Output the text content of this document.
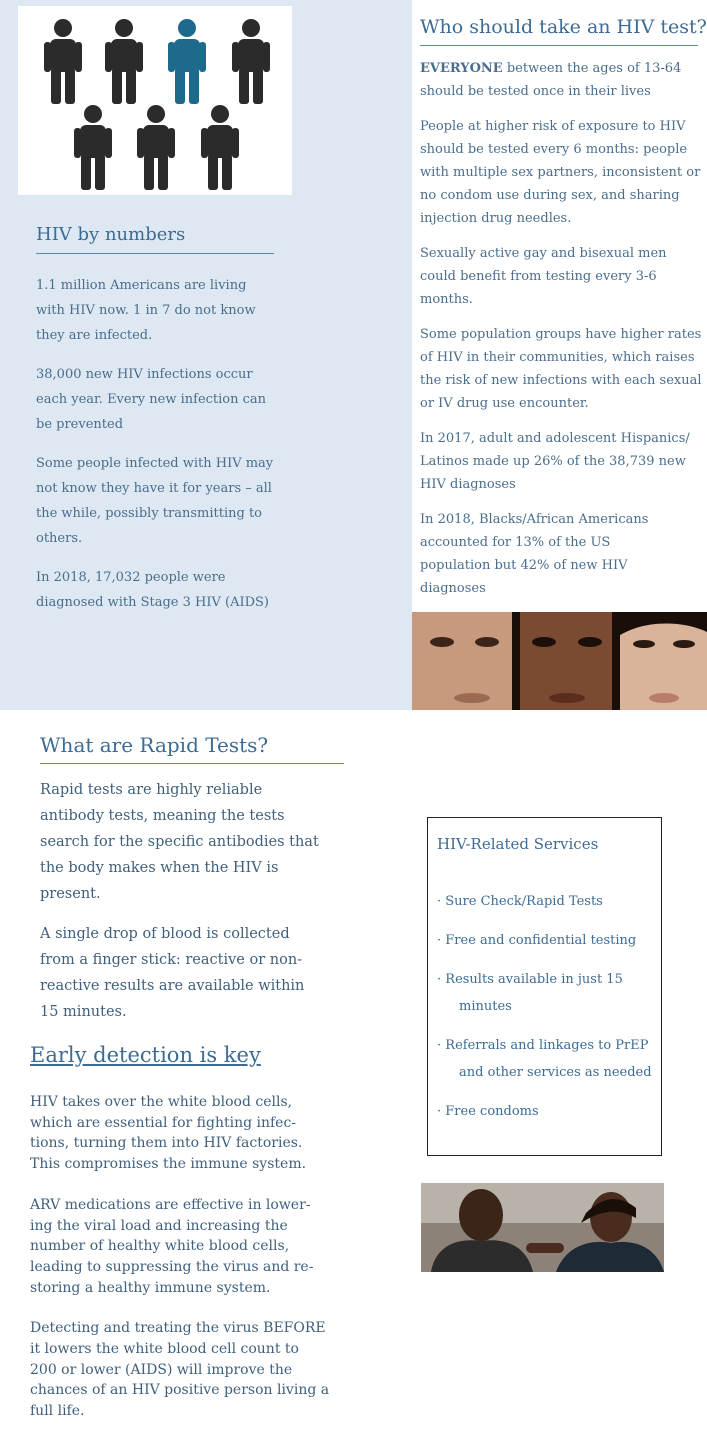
HIV by numbers
1.1 million Americans are living
with HIV now. 1 in 7 do not know
they are infected.
38,000 new HIV infections occur
each year. Every new infection can
be prevented
Some people infected with HIV may
not know they have it for years – all
the while, possibly transmitting to
others.
In 2018, 17,032 people were
diagnosed with Stage 3 HIV (AIDS)
Who should take an HIV test?
EVERYONE between the ages of 13-64
should be tested once in their lives
People at higher risk of exposure to HIV
should be tested every 6 months: people
with multiple sex partners, inconsistent or
no condom use during sex, and sharing
injection drug needles.
Sexually active gay and bisexual men
could benefit from testing every 3-6
months.
Some population groups have higher rates
of HIV in their communities, which raises
the risk of new infections with each sexual
or IV drug use encounter.
In 2017, adult and adolescent Hispanics/
Latinos made up 26% of the 38,739 new
HIV diagnoses
In 2018, Blacks/African Americans
accounted for 13% of the US
population but 42% of new HIV
diagnoses
What are Rapid Tests?
Rapid tests are highly reliable
antibody tests, meaning the tests
search for the specific antibodies that
the body makes when the HIV is
present.
A single drop of blood is collected
from a finger stick: reactive or non-
reactive results are available within
15 minutes.
Early detection is key
HIV takes over the white blood cells,
which are essential for fighting infec-
tions, turning them into HIV factories.
This compromises the immune system.
ARV medications are effective in lower-
ing the viral load and increasing the
number of healthy white blood cells,
leading to suppressing the virus and re-
storing a healthy immune system.
Detecting and treating the virus BEFORE
it lowers the white blood cell count to
200 or lower (AIDS) will improve the
chances of an HIV positive person living a
full life.
HIV-Related Services
· Sure Check/Rapid Tests
· Free and confidential testing
· Results available in just 15
minutes
· Referrals and linkages to PrEP
and other services as needed
· Free condoms
